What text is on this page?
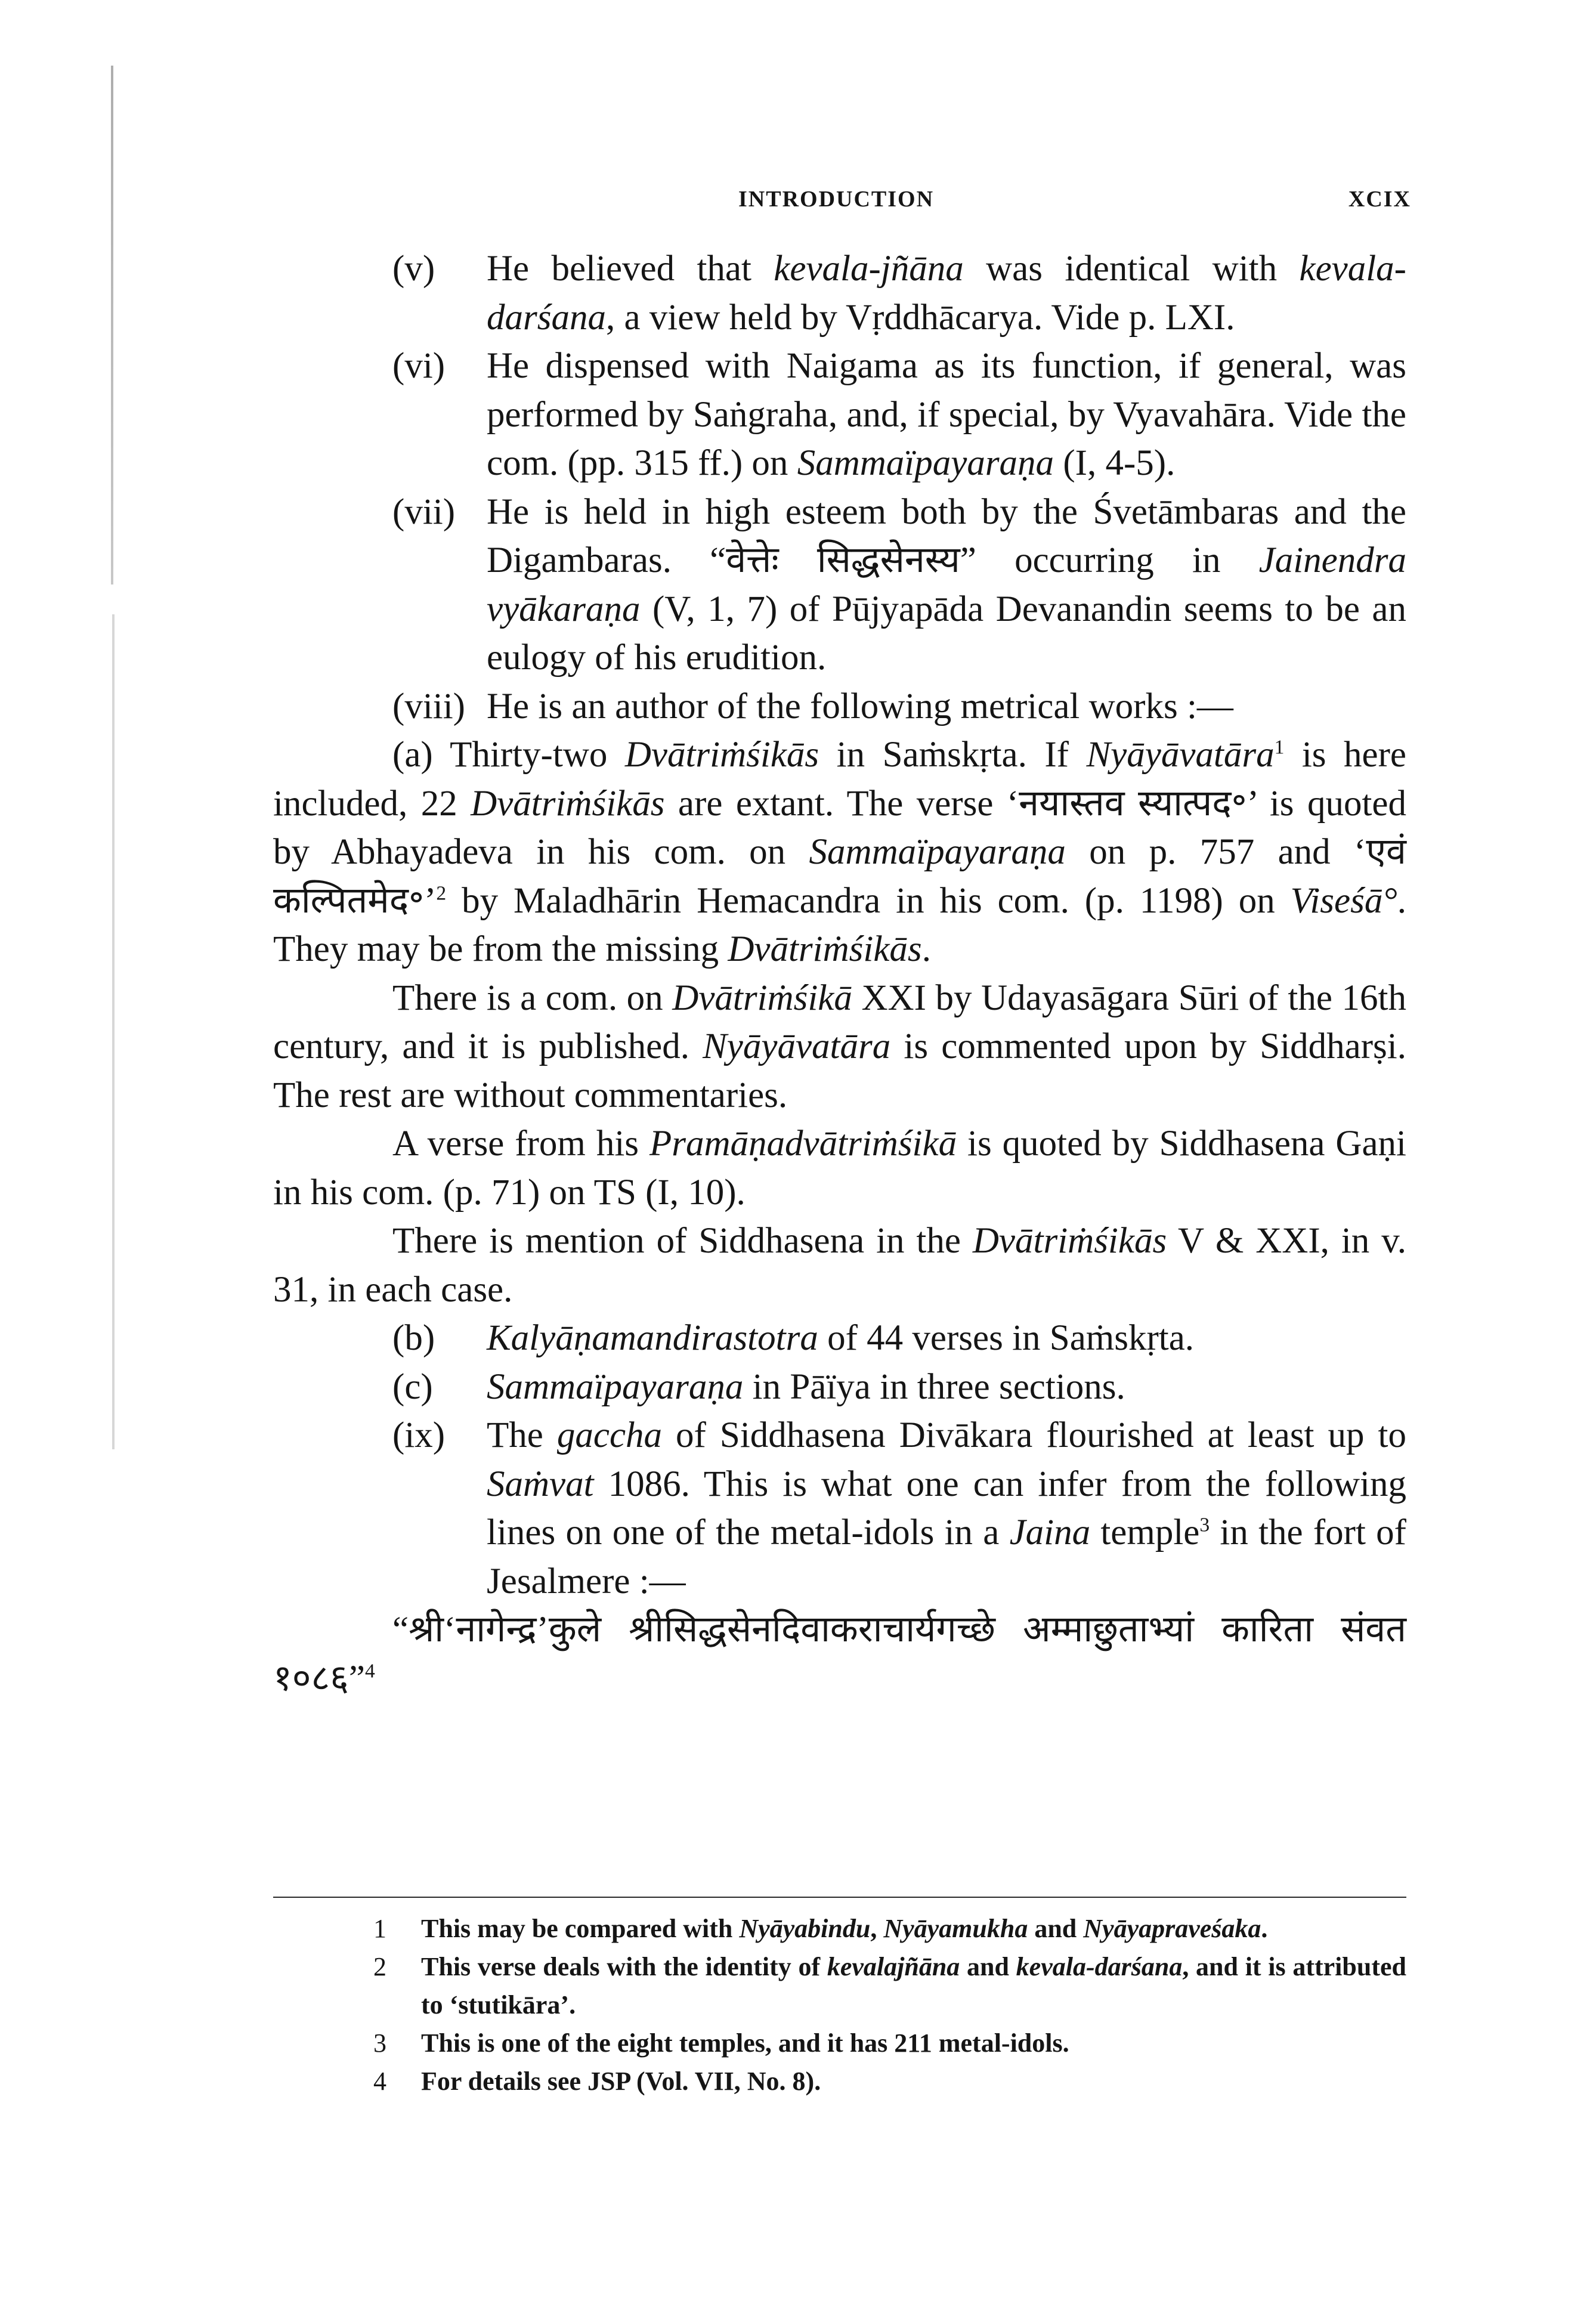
INTRODUCTION	XCIX
(v) He believed that kevala-jñāna was identical with kevala-darśana, a view held by Vṛddhācarya. Vide p. LXI.
(vi) He dispensed with Naigama as its function, if general, was performed by Saṅgraha, and, if special, by Vyavahāra. Vide the com. (pp. 315 ff.) on Sammaïpayaraṇa (I, 4-5).
(vii) He is held in high esteem both by the Śvetāmbaras and the Digambaras. “वेत्तेः सिद्धसेनस्य” occurring in Jainendra vyākaraṇa (V, 1, 7) of Pūjyapāda Devanandin seems to be an eulogy of his erudition.
(viii) He is an author of the following metrical works :—
(a) Thirty-two Dvātriṁśikās in Saṁskṛta. If Nyāyāvatāra$^1$ is here included, 22 Dvātriṁśikās are extant. The verse ‘नयास्तव स्यात्पद॰’ is quoted by Abhayadeva in his com. on Sammaïpayaraṇa on p. 757 and ‘एवं कल्पितमेद॰’$^2$ by Maladhārin Hemacandra in his com. (p. 1198) on Viseśā°. They may be from the missing Dvātriṁśikās.
There is a com. on Dvātriṁśikā XXI by Udayasāgara Sūri of the 16th century, and it is published. Nyāyāvatāra is commented upon by Siddharṣi. The rest are without commentaries.
A verse from his Pramāṇadvātriṁśikā is quoted by Siddhasena Gaṇi in his com. (p. 71) on TS (I, 10).
There is mention of Siddhasena in the Dvātriṁśikās V & XXI, in v. 31, in each case.
(b) Kalyāṇamandirastotra of 44 verses in Saṁskṛta.
(c) Sammaïpayaraṇa in Pāïya in three sections.
(ix) The gaccha of Siddhasena Divākara flourished at least up to Saṁvat 1086. This is what one can infer from the following lines on one of the metal-idols in a Jaina temple$^3$ in the fort of Jesalmere :—
“श्री‘नागेन्द्र’कुले श्रीसिद्धसेनदिवाकराचार्यगच्छे अम्माछुताभ्यां कारिता संवत १०८६”$^4$
1 This may be compared with Nyāyabindu, Nyāyamukha and Nyāyapraveśaka.
2 This verse deals with the identity of kevalajñāna and kevala-darśana, and it is attributed to ‘stutikāra’.
3 This is one of the eight temples, and it has 211 metal-idols.
4 For details see JSP (Vol. VII, No. 8).
